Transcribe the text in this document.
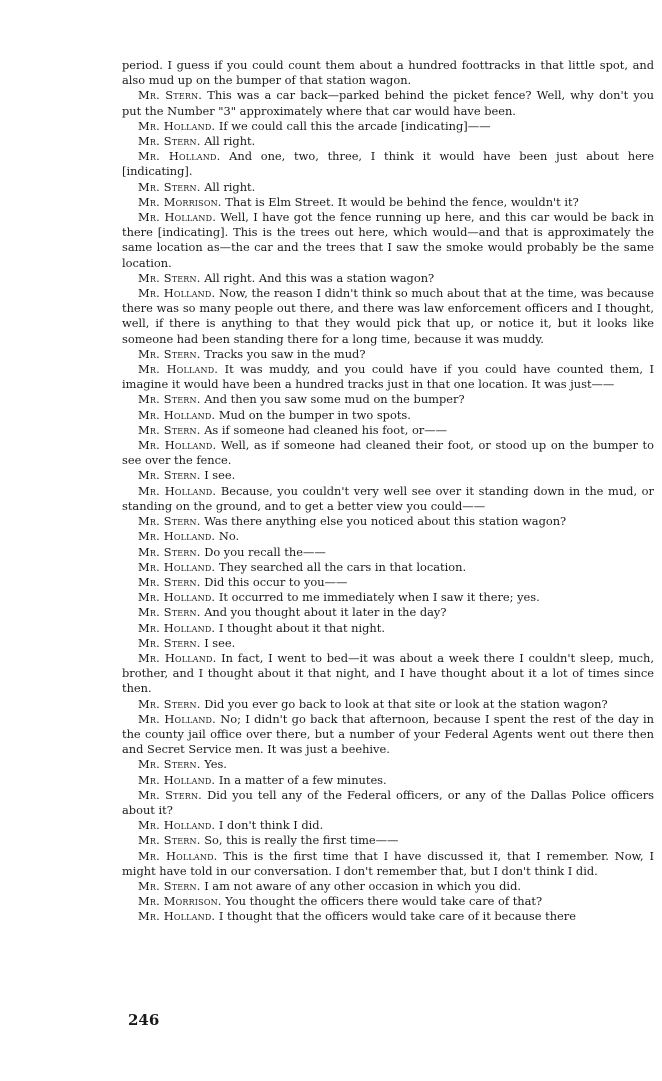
period. I guess if you could count them about a hundred foottracks in that little spot, and also mud up on the bumper of that station wagon.

Mr. Stern. This was a car back—parked behind the picket fence? Well, why don't you put the Number "3" approximately where that car would have been.

Mr. Holland. If we could call this the arcade [indicating]——

Mr. Stern. All right.

Mr. Holland. And one, two, three, I think it would have been just about here [indicating].

Mr. Stern. All right.

Mr. Morrison. That is Elm Street. It would be behind the fence, wouldn't it?

Mr. Holland. Well, I have got the fence running up here, and this car would be back in there [indicating]. This is the trees out here, which would—and that is approximately the same location as—the car and the trees that I saw the smoke would probably be the same location.

Mr. Stern. All right. And this was a station wagon?

Mr. Holland. Now, the reason I didn't think so much about that at the time, was because there was so many people out there, and there was law enforcement officers and I thought, well, if there is anything to that they would pick that up, or notice it, but it looks like someone had been standing there for a long time, because it was muddy.

Mr. Stern. Tracks you saw in the mud?

Mr. Holland. It was muddy, and you could have if you could have counted them, I imagine it would have been a hundred tracks just in that one location. It was just——

Mr. Stern. And then you saw some mud on the bumper?

Mr. Holland. Mud on the bumper in two spots.

Mr. Stern. As if someone had cleaned his foot, or——

Mr. Holland. Well, as if someone had cleaned their foot, or stood up on the bumper to see over the fence.

Mr. Stern. I see.

Mr. Holland. Because, you couldn't very well see over it standing down in the mud, or standing on the ground, and to get a better view you could——

Mr. Stern. Was there anything else you noticed about this station wagon?

Mr. Holland. No.

Mr. Stern. Do you recall the——

Mr. Holland. They searched all the cars in that location.

Mr. Stern. Did this occur to you——

Mr. Holland. It occurred to me immediately when I saw it there; yes.

Mr. Stern. And you thought about it later in the day?

Mr. Holland. I thought about it that night.

Mr. Stern. I see.

Mr. Holland. In fact, I went to bed—it was about a week there I couldn't sleep, much, brother, and I thought about it that night, and I have thought about it a lot of times since then.

Mr. Stern. Did you ever go back to look at that site or look at the station wagon?

Mr. Holland. No; I didn't go back that afternoon, because I spent the rest of the day in the county jail office over there, but a number of your Federal Agents went out there then and Secret Service men. It was just a beehive.

Mr. Stern. Yes.

Mr. Holland. In a matter of a few minutes.

Mr. Stern. Did you tell any of the Federal officers, or any of the Dallas Police officers about it?

Mr. Holland. I don't think I did.

Mr. Stern. So, this is really the first time——

Mr. Holland. This is the first time that I have discussed it, that I remember. Now, I might have told in our conversation. I don't remember that, but I don't think I did.

Mr. Stern. I am not aware of any other occasion in which you did.

Mr. Morrison. You thought the officers there would take care of that?

Mr. Holland. I thought that the officers would take care of it because there

246
